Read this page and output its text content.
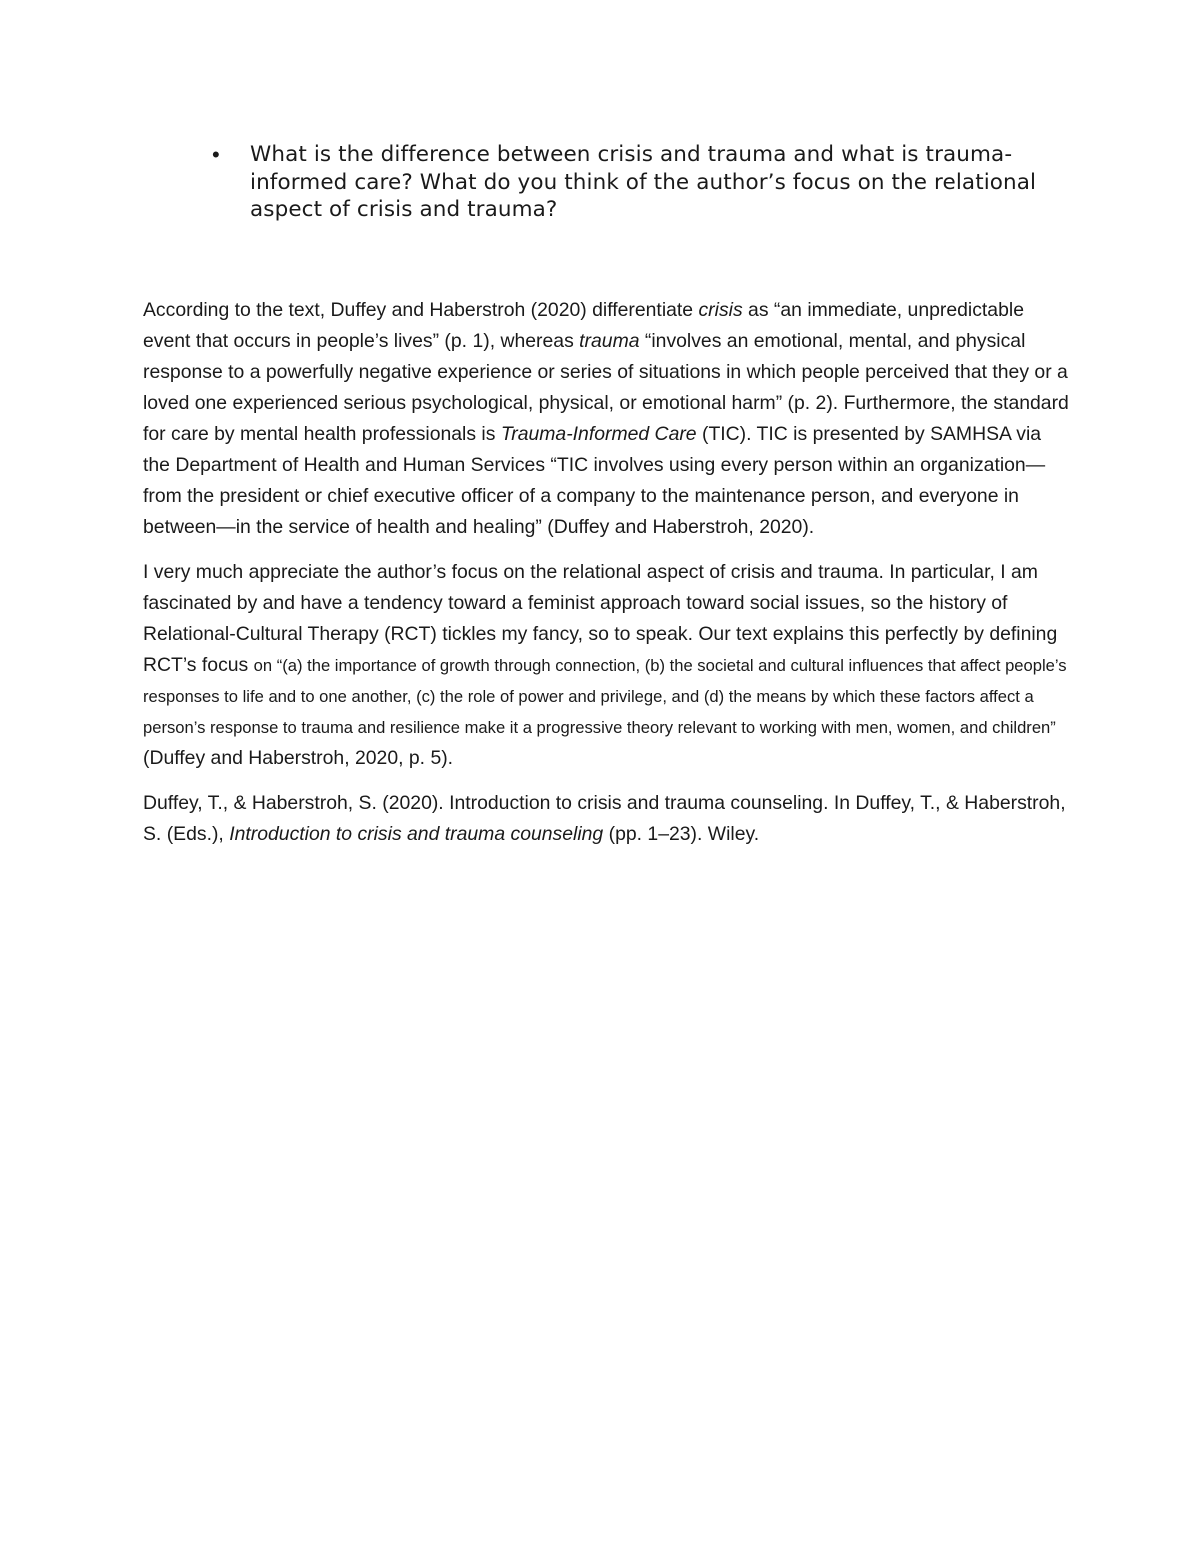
•	What is the difference between crisis and trauma and what is trauma-informed care? What do you think of the author’s focus on the relational aspect of crisis and trauma?

According to the text, Duffey and Haberstroh (2020) differentiate crisis as “an immediate, unpredictable event that occurs in people’s lives” (p. 1), whereas trauma “involves an emotional, mental, and physical response to a powerfully negative experience or series of situations in which people perceived that they or a loved one experienced serious psychological, physical, or emotional harm” (p. 2). Furthermore, the standard for care by mental health professionals is Trauma-Informed Care (TIC). TIC is presented by SAMHSA via the Department of Health and Human Services “TIC involves using every person within an organization—from the president or chief executive officer of a company to the maintenance person, and everyone in between—in the service of health and healing” (Duffey and Haberstroh, 2020).

I very much appreciate the author’s focus on the relational aspect of crisis and trauma. In particular, I am fascinated by and have a tendency toward a feminist approach toward social issues, so the history of Relational-Cultural Therapy (RCT) tickles my fancy, so to speak. Our text explains this perfectly by defining RCT’s focus on “(a) the importance of growth through connection, (b) the societal and cultural influences that affect people’s responses to life and to one another, (c) the role of power and privilege, and (d) the means by which these factors affect a person’s response to trauma and resilience make it a progressive theory relevant to working with men, women, and children”
(Duffey and Haberstroh, 2020, p. 5).

Duffey, T., & Haberstroh, S. (2020). Introduction to crisis and trauma counseling. In Duffey, T., & Haberstroh, S. (Eds.), Introduction to crisis and trauma counseling (pp. 1–23). Wiley.
